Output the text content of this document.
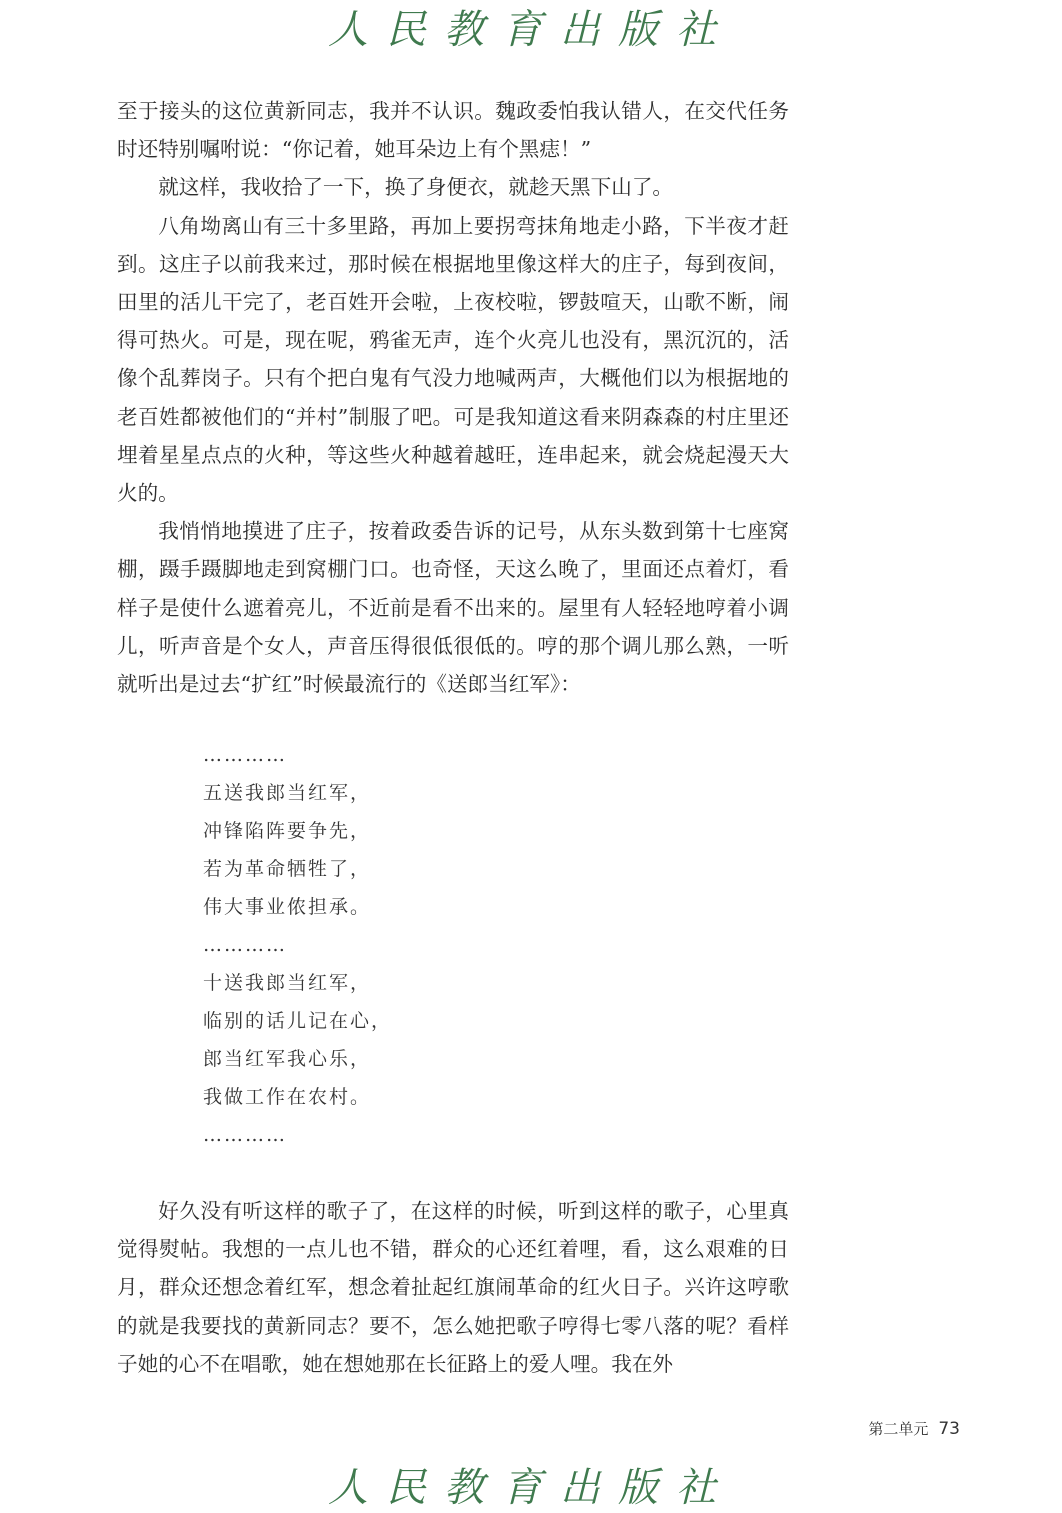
人民教育出版社

至于接头的这位黄新同志，我并不认识。魏政委怕我认错人，在交代任务时还特别嘱咐说：“你记着，她耳朵边上有个黑痣！”

就这样，我收拾了一下，换了身便衣，就趁天黑下山了。

八角坳离山有三十多里路，再加上要拐弯抹角地走小路，下半夜才赶到。这庄子以前我来过，那时候在根据地里像这样大的庄子，每到夜间，田里的活儿干完了，老百姓开会啦，上夜校啦，锣鼓喧天，山歌不断，闹得可热火。可是，现在呢，鸦雀无声，连个火亮儿也没有，黑沉沉的，活像个乱葬岗子。只有个把白鬼有气没力地喊两声，大概他们以为根据地的老百姓都被他们的“并村”制服了吧。可是我知道这看来阴森森的村庄里还埋着星星点点的火种，等这些火种越着越旺，连串起来，就会烧起漫天大火的。

我悄悄地摸进了庄子，按着政委告诉的记号，从东头数到第十七座窝棚，蹑手蹑脚地走到窝棚门口。也奇怪，天这么晚了，里面还点着灯，看样子是使什么遮着亮儿，不近前是看不出来的。屋里有人轻轻地哼着小调儿，听声音是个女人，声音压得很低很低的。哼的那个调儿那么熟，一听就听出是过去“扩红”时候最流行的《送郎当红军》：

…………
五送我郎当红军，
冲锋陷阵要争先，
若为革命牺牲了，
伟大事业侬担承。
…………
十送我郎当红军，
临别的话儿记在心，
郎当红军我心乐，
我做工作在农村。
…………

好久没有听这样的歌子了，在这样的时候，听到这样的歌子，心里真觉得熨帖。我想的一点儿也不错，群众的心还红着哩，看，这么艰难的日月，群众还想念着红军，想念着扯起红旗闹革命的红火日子。兴许这哼歌的就是我要找的黄新同志？要不，怎么她把歌子哼得七零八落的呢？看样子她的心不在唱歌，她在想她那在长征路上的爱人哩。我在外

第二单元 73
人民教育出版社
